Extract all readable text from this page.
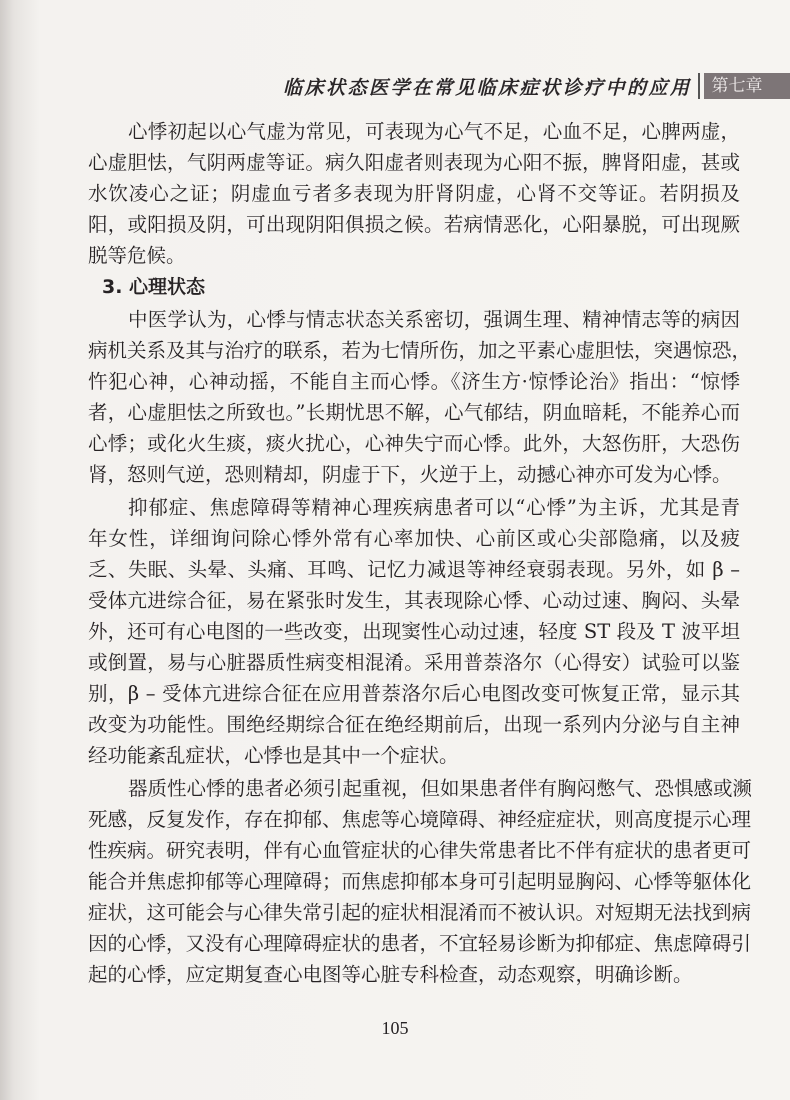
临床状态医学在常见临床症状诊疗中的应用	第七章
心悸初起以心气虚为常见，可表现为心气不足，心血不足，心脾两虚，
心虚胆怯，气阴两虚等证。病久阳虚者则表现为心阳不振，脾肾阳虚，甚或
水饮凌心之证；阴虚血亏者多表现为肝肾阴虚，心肾不交等证。若阴损及
阳，或阳损及阴，可出现阴阳俱损之候。若病情恶化，心阳暴脱，可出现厥
脱等危候。
3. 心理状态
中医学认为，心悸与情志状态关系密切，强调生理、精神情志等的病因
病机关系及其与治疗的联系，若为七情所伤，加之平素心虚胆怯，突遇惊恐，
忤犯心神，心神动摇，不能自主而心悸。《济生方·惊悸论治》指出：“惊悸
者，心虚胆怯之所致也。”长期忧思不解，心气郁结，阴血暗耗，不能养心而
心悸；或化火生痰，痰火扰心，心神失宁而心悸。此外，大怒伤肝，大恐伤
肾，怒则气逆，恐则精却，阴虚于下，火逆于上，动撼心神亦可发为心悸。
抑郁症、焦虑障碍等精神心理疾病患者可以“心悸”为主诉，尤其是青
年女性，详细询问除心悸外常有心率加快、心前区或心尖部隐痛，以及疲
乏、失眠、头晕、头痛、耳鸣、记忆力减退等神经衰弱表现。另外，如 β –
受体亢进综合征，易在紧张时发生，其表现除心悸、心动过速、胸闷、头晕
外，还可有心电图的一些改变，出现窦性心动过速，轻度 ST 段及 T 波平坦
或倒置，易与心脏器质性病变相混淆。采用普萘洛尔（心得安）试验可以鉴
别，β – 受体亢进综合征在应用普萘洛尔后心电图改变可恢复正常，显示其
改变为功能性。围绝经期综合征在绝经期前后，出现一系列内分泌与自主神
经功能紊乱症状，心悸也是其中一个症状。
器质性心悸的患者必须引起重视，但如果患者伴有胸闷憋气、恐惧感或濒
死感，反复发作，存在抑郁、焦虑等心境障碍、神经症症状，则高度提示心理
性疾病。研究表明，伴有心血管症状的心律失常患者比不伴有症状的患者更可
能合并焦虑抑郁等心理障碍；而焦虑抑郁本身可引起明显胸闷、心悸等躯体化
症状，这可能会与心律失常引起的症状相混淆而不被认识。对短期无法找到病
因的心悸，又没有心理障碍症状的患者，不宜轻易诊断为抑郁症、焦虑障碍引
起的心悸，应定期复查心电图等心脏专科检查，动态观察，明确诊断。
105
